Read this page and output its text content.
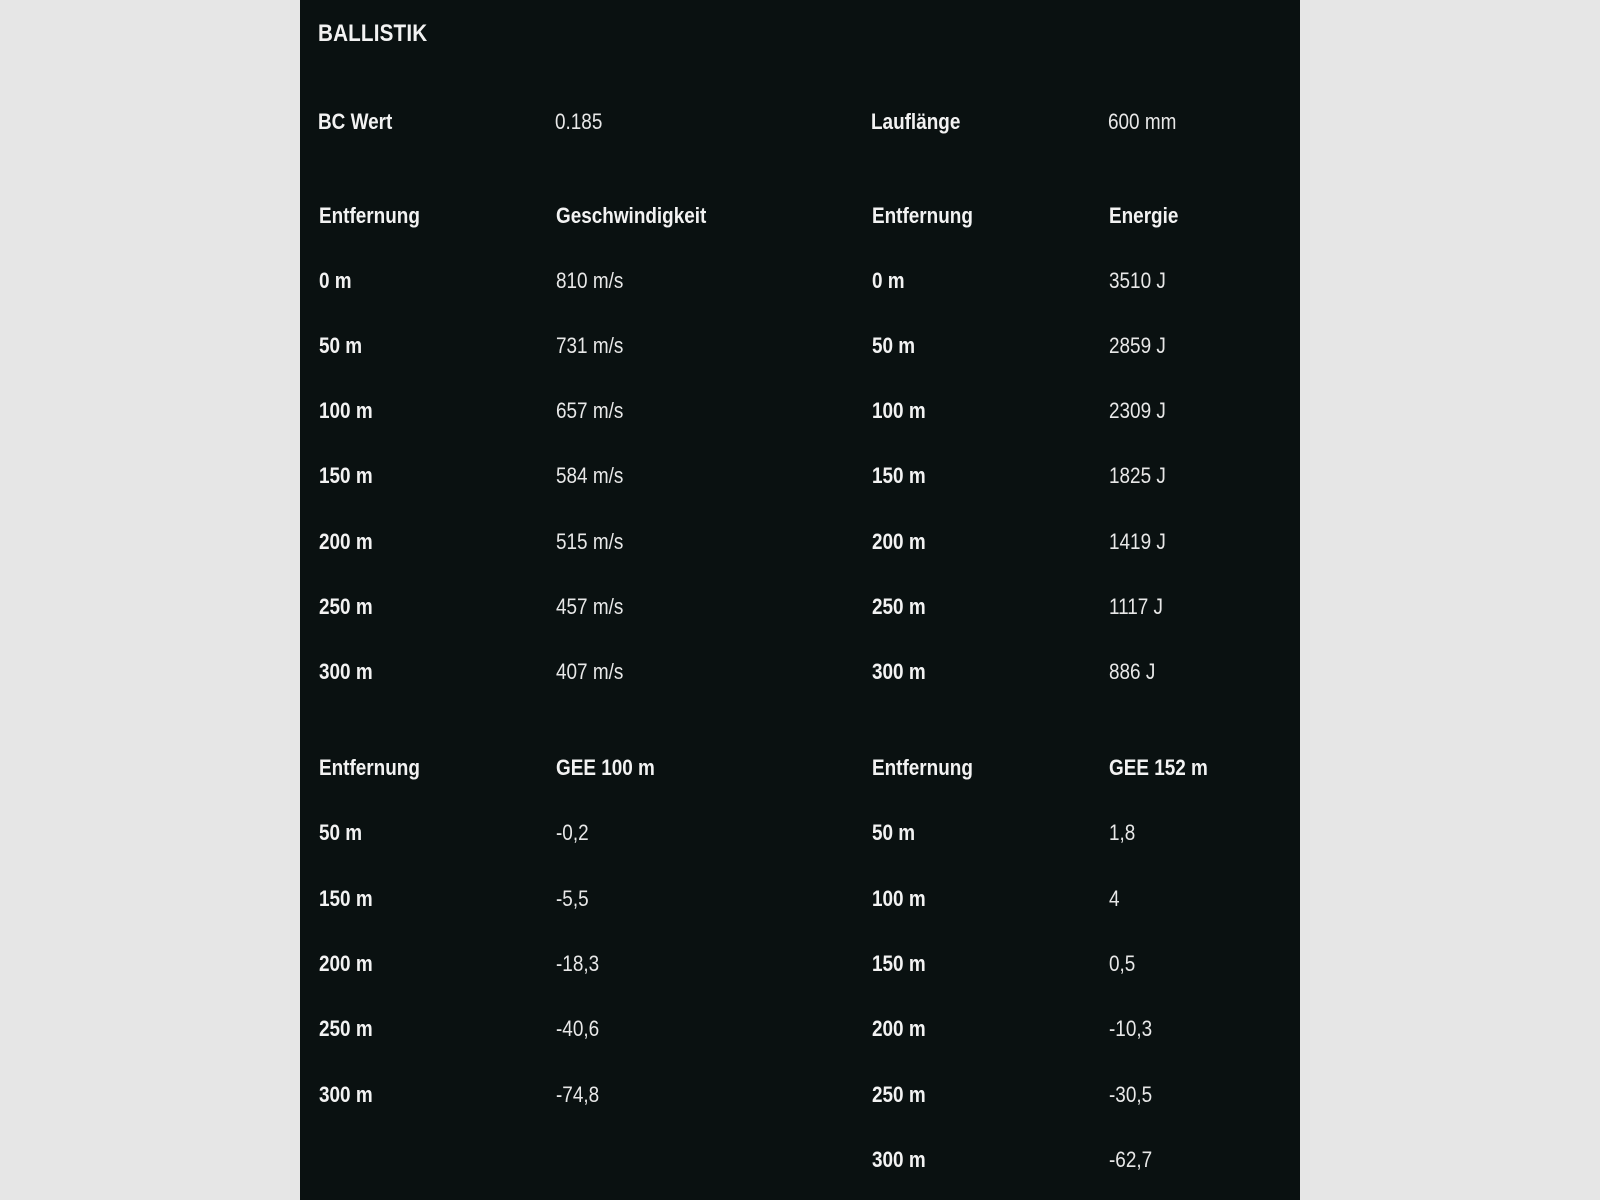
BALLISTIK
BC Wert	0.185	Lauflänge	600 mm
Entfernung	Geschwindigkeit
0 m	810 m/s
50 m	731 m/s
100 m	657 m/s
150 m	584 m/s
200 m	515 m/s
250 m	457 m/s
300 m	407 m/s
Entfernung	Energie
0 m	3510 J
50 m	2859 J
100 m	2309 J
150 m	1825 J
200 m	1419 J
250 m	1117 J
300 m	886 J
Entfernung	GEE 100 m
50 m	-0,2
150 m	-5,5
200 m	-18,3
250 m	-40,6
300 m	-74,8
Entfernung	GEE 152 m
50 m	1,8
100 m	4
150 m	0,5
200 m	-10,3
250 m	-30,5
300 m	-62,7
